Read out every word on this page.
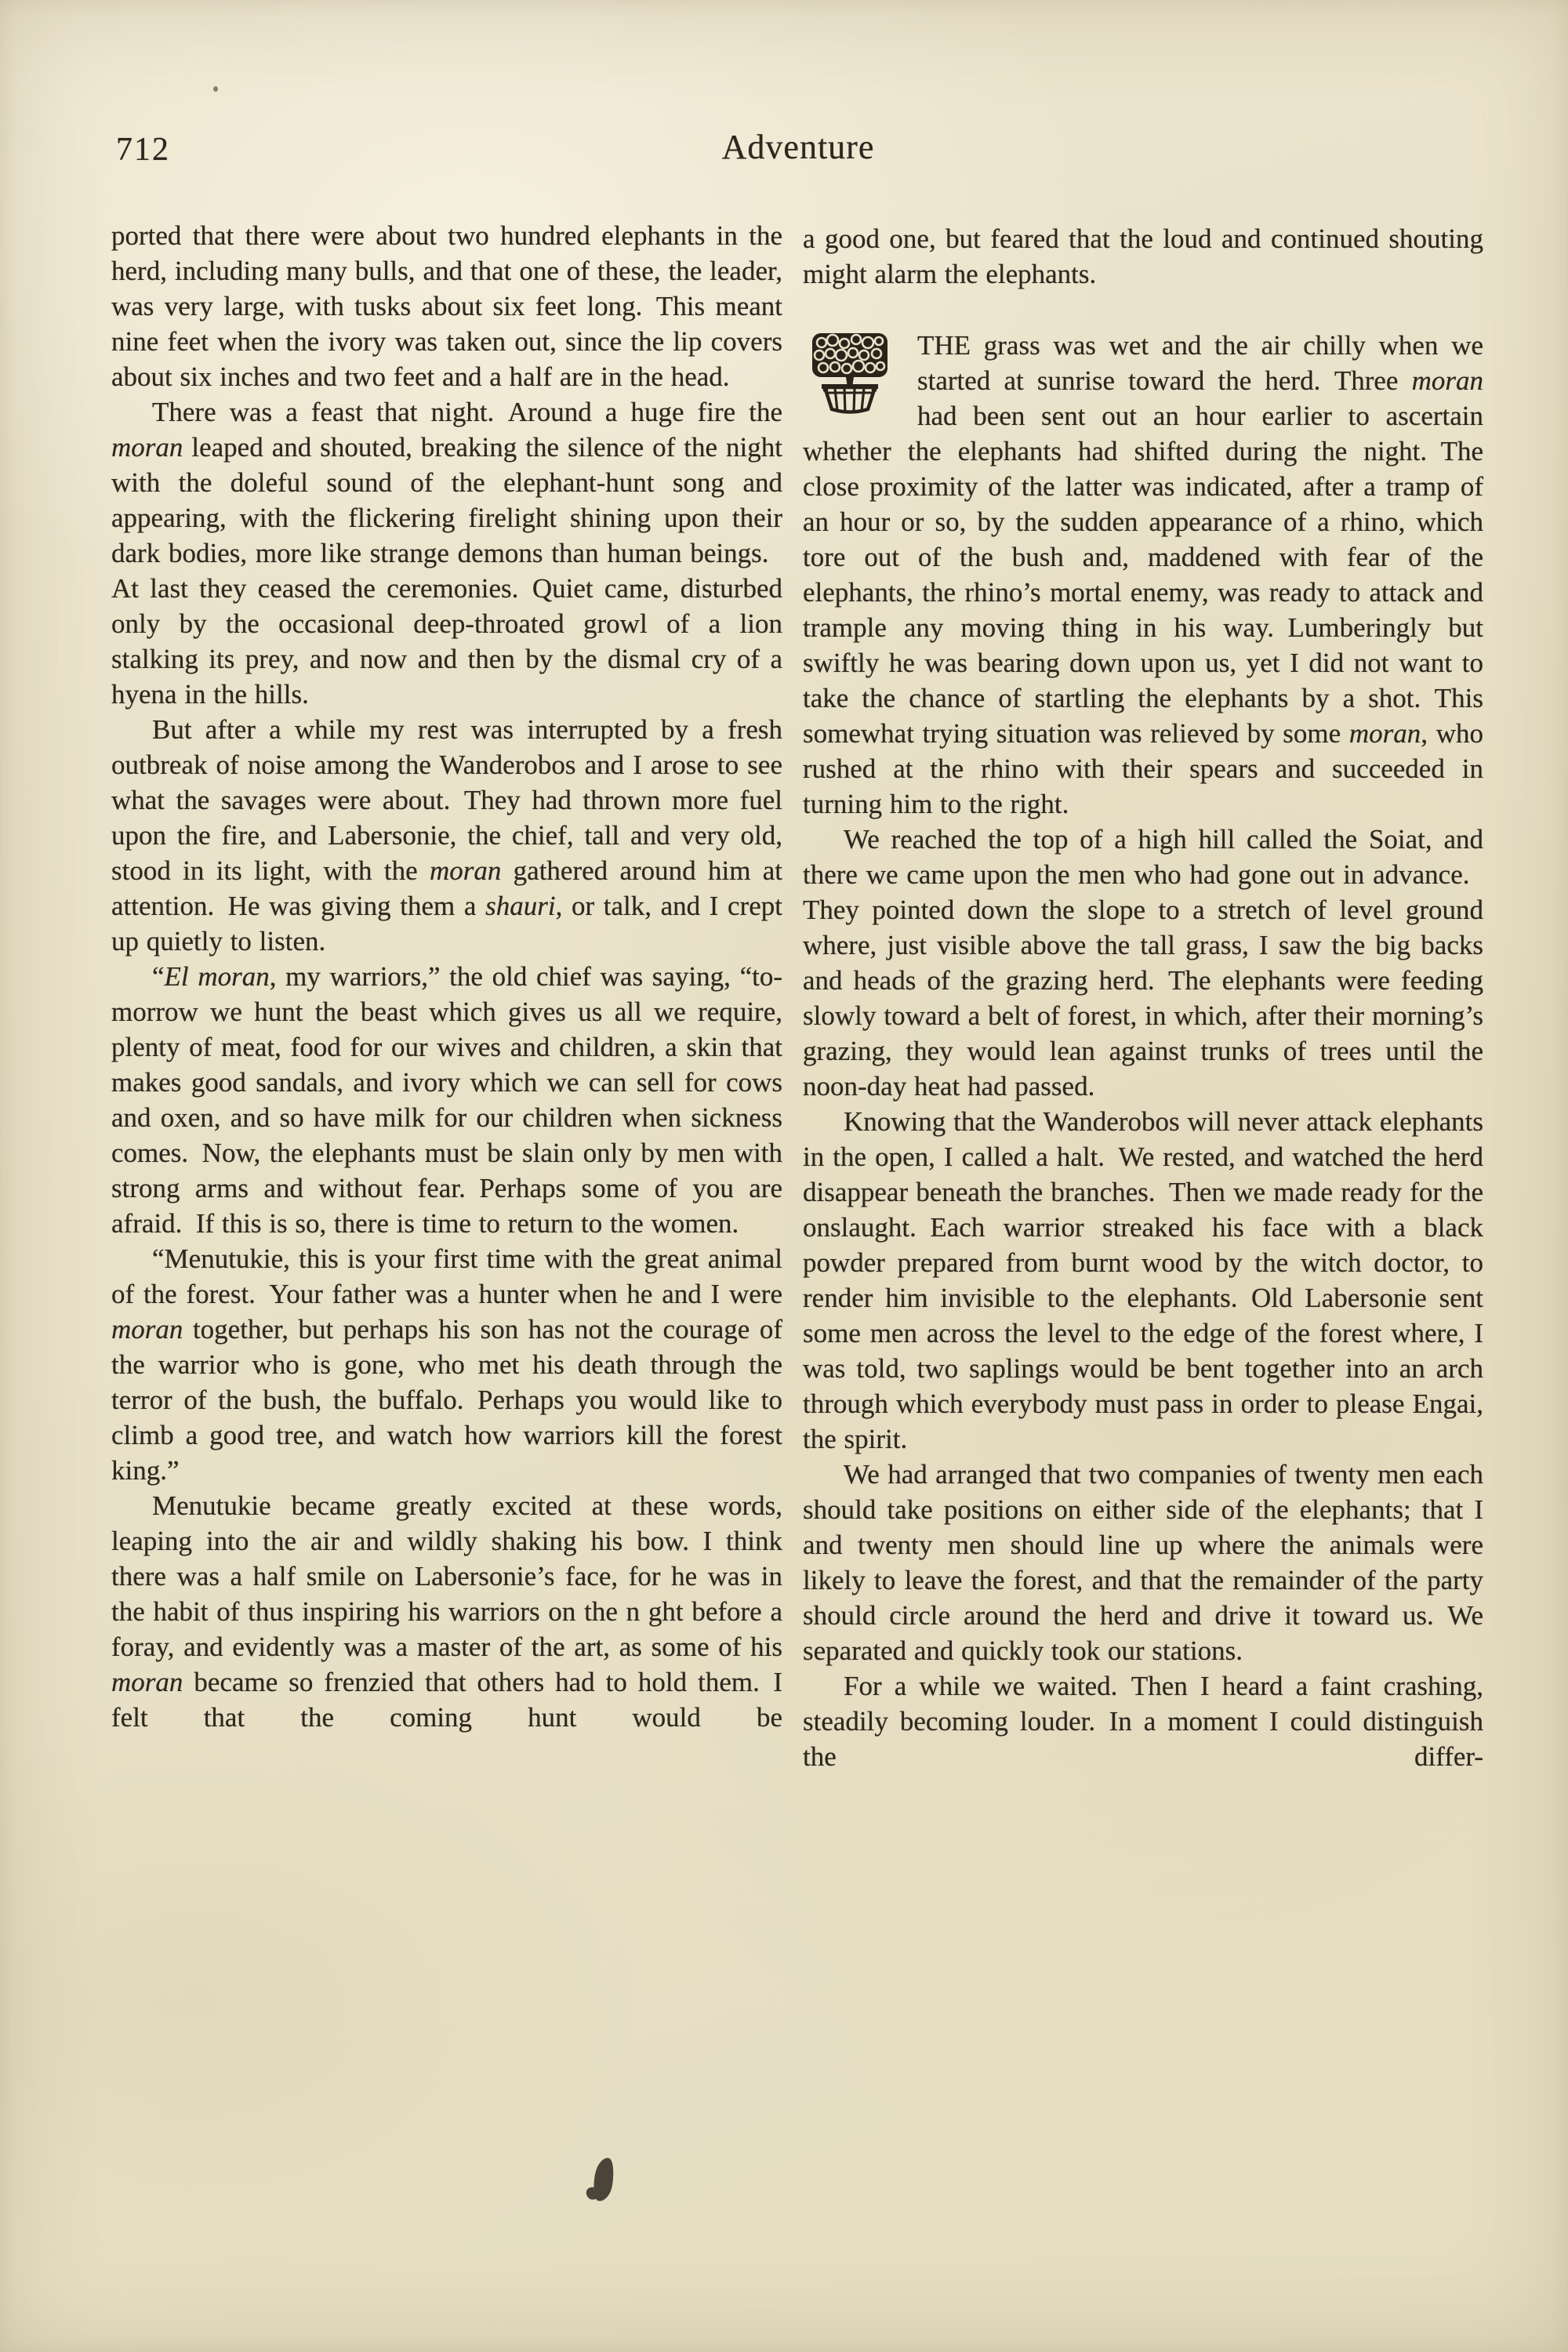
712	Adventure

ported that there were about two hundred elephants in the herd, including many bulls, and that one of these, the leader, was very large, with tusks about six feet long. This meant nine feet when the ivory was taken out, since the lip covers about six inches and two feet and a half are in the head.

There was a feast that night. Around a huge fire the moran leaped and shouted, breaking the silence of the night with the doleful sound of the elephant-hunt song and appearing, with the flickering firelight shining upon their dark bodies, more like strange demons than human beings. At last they ceased the ceremonies. Quiet came, disturbed only by the occasional deep-throated growl of a lion stalking its prey, and now and then by the dismal cry of a hyena in the hills.

But after a while my rest was interrupted by a fresh outbreak of noise among the Wanderobos and I arose to see what the savages were about. They had thrown more fuel upon the fire, and Labersonie, the chief, tall and very old, stood in its light, with the moran gathered around him at attention. He was giving them a shauri, or talk, and I crept up quietly to listen.

“El moran, my warriors,” the old chief was saying, “to-morrow we hunt the beast which gives us all we require, plenty of meat, food for our wives and children, a skin that makes good sandals, and ivory which we can sell for cows and oxen, and so have milk for our children when sickness comes. Now, the elephants must be slain only by men with strong arms and without fear. Perhaps some of you are afraid. If this is so, there is time to return to the women.

“Menutukie, this is your first time with the great animal of the forest. Your father was a hunter when he and I were moran together, but perhaps his son has not the courage of the warrior who is gone, who met his death through the terror of the bush, the buffalo. Perhaps you would like to climb a good tree, and watch how warriors kill the forest king.”

Menutukie became greatly excited at these words, leaping into the air and wildly shaking his bow. I think there was a half smile on Labersonie’s face, for he was in the habit of thus inspiring his warriors on the n ght before a foray, and evidently was a master of the art, as some of his moran became so frenzied that others had to hold them. I felt that the coming hunt would be

a good one, but feared that the loud and continued shouting might alarm the elephants.

THE grass was wet and the air chilly when we started at sunrise toward the herd. Three moran had been sent out an hour earlier to ascertain whether the elephants had shifted during the night. The close proximity of the latter was indicated, after a tramp of an hour or so, by the sudden appearance of a rhino, which tore out of the bush and, maddened with fear of the elephants, the rhino’s mortal enemy, was ready to attack and trample any moving thing in his way. Lumberingly but swiftly he was bearing down upon us, yet I did not want to take the chance of startling the elephants by a shot. This somewhat trying situation was relieved by some moran, who rushed at the rhino with their spears and succeeded in turning him to the right.

We reached the top of a high hill called the Soiat, and there we came upon the men who had gone out in advance. They pointed down the slope to a stretch of level ground where, just visible above the tall grass, I saw the big backs and heads of the grazing herd. The elephants were feeding slowly toward a belt of forest, in which, after their morning’s grazing, they would lean against trunks of trees until the noon-day heat had passed.

Knowing that the Wanderobos will never attack elephants in the open, I called a halt. We rested, and watched the herd disappear beneath the branches. Then we made ready for the onslaught. Each warrior streaked his face with a black powder prepared from burnt wood by the witch doctor, to render him invisible to the elephants. Old Labersonie sent some men across the level to the edge of the forest where, I was told, two saplings would be bent together into an arch through which everybody must pass in order to please Engai, the spirit.

We had arranged that two companies of twenty men each should take positions on either side of the elephants; that I and twenty men should line up where the animals were likely to leave the forest, and that the remainder of the party should circle around the herd and drive it toward us. We separated and quickly took our stations.

For a while we waited. Then I heard a faint crashing, steadily becoming louder. In a moment I could distinguish the differ-
